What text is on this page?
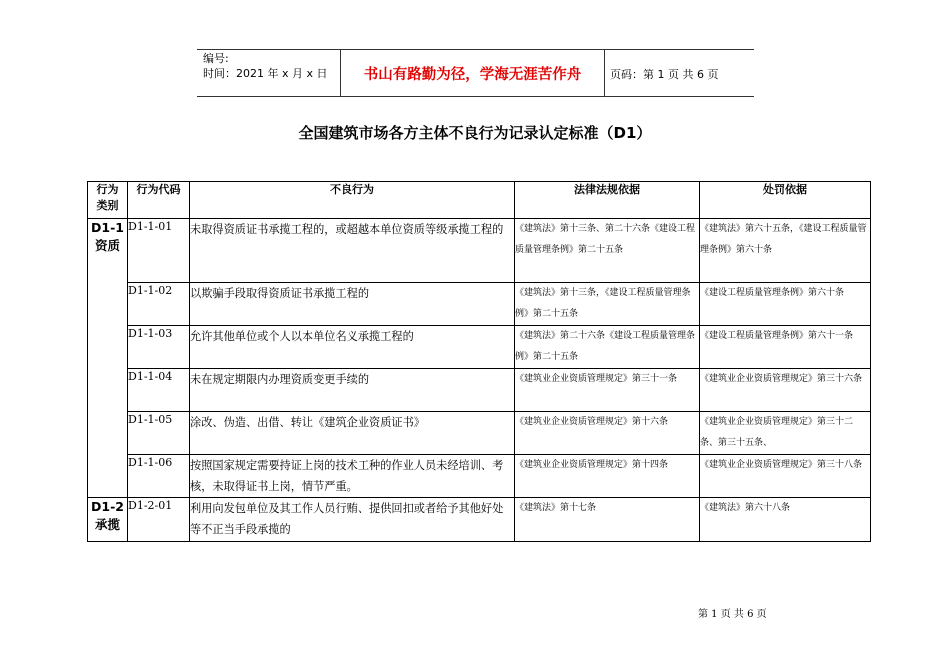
编号:
时间：2021 年 x 月 x 日	书山有路勤为径，学海无涯苦作舟	页码：第 1 页 共 6 页
全国建筑市场各方主体不良行为记录认定标准（D1）
行为
类别	行为代码	不良行为	法律法规依据	处罚依据

D1-1
资质	D1-1-01	未取得资质证书承揽工程的，或超越本单位资质等级承揽工程的	《建筑法》第十三条、第二十六条《建设工程质量管理条例》第二十五条	《建筑法》第六十五条，《建设工程质量管理条例》第六十条
	D1-1-02	以欺骗手段取得资质证书承揽工程的	《建筑法》第十三条，《建设工程质量管理条例》第二十五条	《建设工程质量管理条例》第六十条
	D1-1-03	允许其他单位或个人以本单位名义承揽工程的	《建筑法》第二十六条《建设工程质量管理条例》第二十五条	《建设工程质量管理条例》第六十一条
	D1-1-04	未在规定期限内办理资质变更手续的	《建筑业企业资质管理规定》第三十一条	《建筑业企业资质管理规定》第三十六条
	D1-1-05	涂改、伪造、出借、转让《建筑企业资质证书》	《建筑业企业资质管理规定》第十六条	《建筑业企业资质管理规定》第三十二条、第三十五条、
	D1-1-06	按照国家规定需要持证上岗的技术工种的作业人员未经培训、考核，未取得证书上岗，情节严重。	《建筑业企业资质管理规定》第十四条	《建筑业企业资质管理规定》第三十八条

D1-2
承揽	D1-2-01	利用向发包单位及其工作人员行贿、提供回扣或者给予其他好处等不正当手段承揽的	《建筑法》第十七条	《建筑法》第六十八条
第 1 页 共 6 页
